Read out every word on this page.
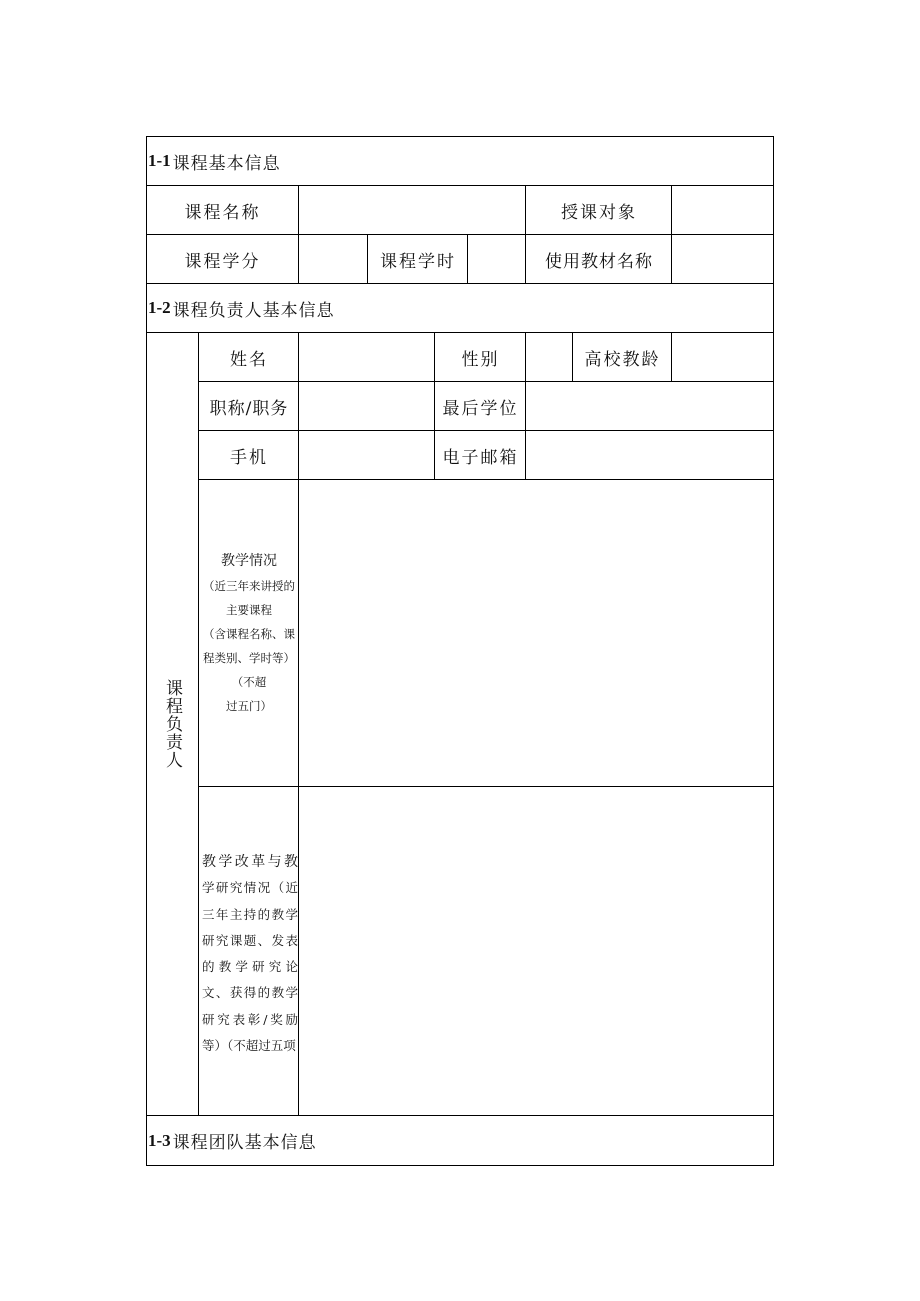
1-1 课程基本信息
课程名称	授课对象
课程学分	课程学时	使用教材名称
1-2 课程负责人基本信息
课程负责人
姓名	性别	高校教龄
职称/职务	最后学位
手机	电子邮箱
教学情况
（近三年来讲授的
主要课程
（含课程名称、课
程类别、学时等）
（不超
过五门）
教学改革与教学研究情况（近三年主持的教学研究课题、发表的教学研究论文、获得的教学研究表彰/奖励等）（不超过五项
1-3 课程团队基本信息
